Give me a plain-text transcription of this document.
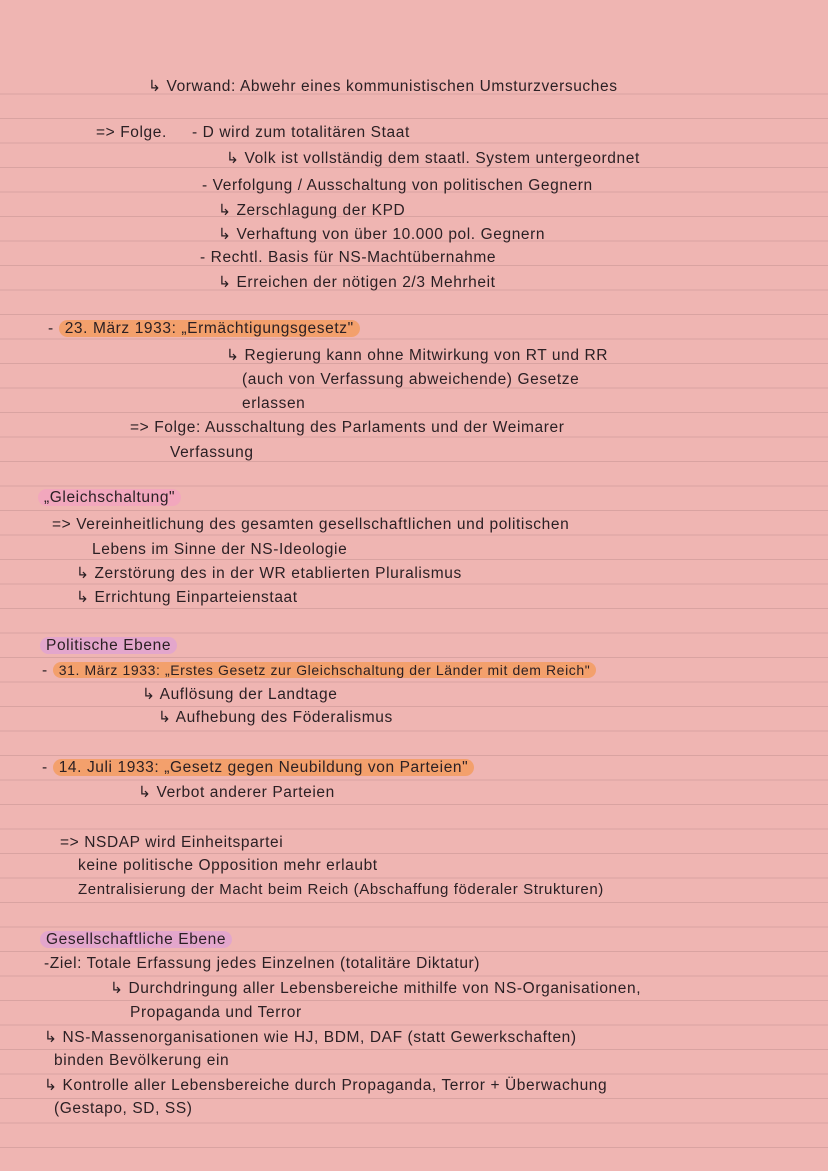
↳ Vorwand: Abwehr eines kommunistischen Umsturzversuches
=> Folge. - D wird zum totalitären Staat
↳ Volk ist vollständig dem staatl. System untergeordnet
- Verfolgung / Ausschaltung von politischen Gegnern
↳ Zerschlagung der KPD
↳ Verhaftung von über 10.000 pol. Gegnern
- Rechtl. Basis für NS-Machtübernahme
↳ Erreichen der nötigen 2/3 Mehrheit
- 23. März 1933: „Ermächtigungsgesetz"
↳ Regierung kann ohne Mitwirkung von RT und RR
(auch von Verfassung abweichende) Gesetze
erlassen
=> Folge: Ausschaltung des Parlaments und der Weimarer
Verfassung
„Gleichschaltung"
=> Vereinheitlichung des gesamten gesellschaftlichen und politischen
Lebens im Sinne der NS-Ideologie
↳ Zerstörung des in der WR etablierten Pluralismus
↳ Errichtung Einparteienstaat
Politische Ebene
- 31. März 1933: „Erstes Gesetz zur Gleichschaltung der Länder mit dem Reich"
↳ Auflösung der Landtage
↳ Aufhebung des Föderalismus
- 14. Juli 1933: „Gesetz gegen Neubildung von Parteien"
↳ Verbot anderer Parteien
=> NSDAP wird Einheitspartei
keine politische Opposition mehr erlaubt
Zentralisierung der Macht beim Reich (Abschaffung föderaler Strukturen)
Gesellschaftliche Ebene
-Ziel: Totale Erfassung jedes Einzelnen (totalitäre Diktatur)
↳ Durchdringung aller Lebensbereiche mithilfe von NS-Organisationen,
Propaganda und Terror
↳ NS-Massenorganisationen wie HJ, BDM, DAF (statt Gewerkschaften)
binden Bevölkerung ein
↳ Kontrolle aller Lebensbereiche durch Propaganda, Terror + Überwachung
(Gestapo, SD, SS)
